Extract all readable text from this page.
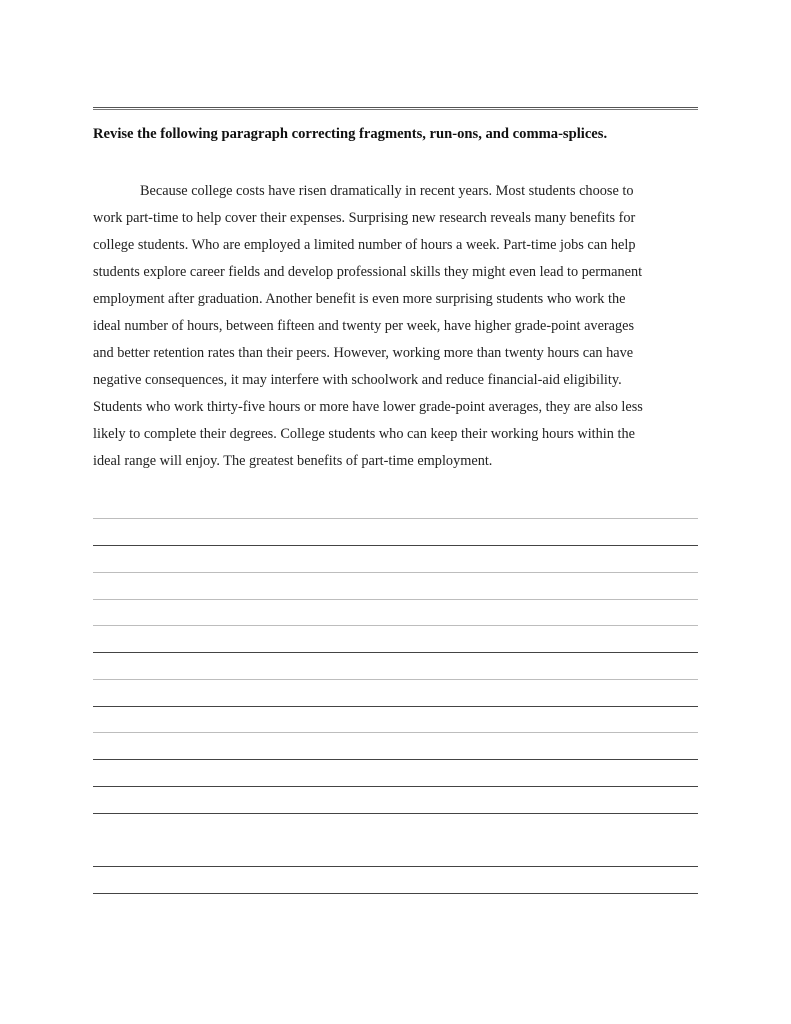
Revise the following paragraph correcting fragments, run-ons, and comma-splices.
Because college costs have risen dramatically in recent years. Most students choose to
work part-time to help cover their expenses. Surprising new research reveals many benefits for
college students. Who are employed a limited number of hours a week. Part-time jobs can help
students explore career fields and develop professional skills they might even lead to permanent
employment after graduation. Another benefit is even more surprising students who work the
ideal number of hours, between fifteen and twenty per week, have higher grade-point averages
and better retention rates than their peers. However, working more than twenty hours can have
negative consequences, it may interfere with schoolwork and reduce financial-aid eligibility.
Students who work thirty-five hours or more have lower grade-point averages, they are also less
likely to complete their degrees. College students who can keep their working hours within the
ideal range will enjoy. The greatest benefits of part-time employment.
